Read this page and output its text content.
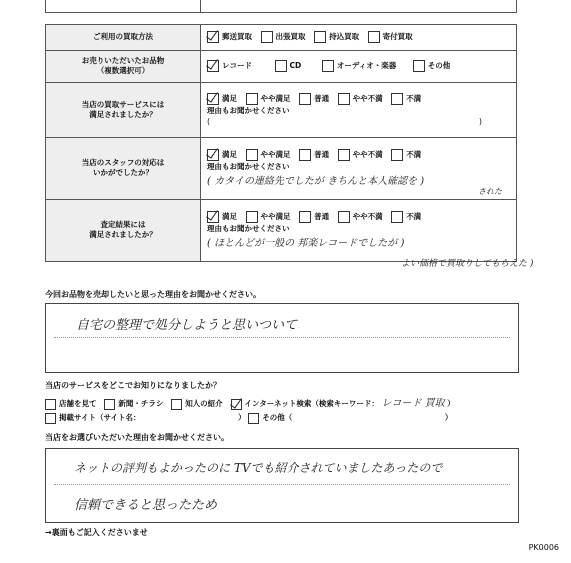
ご利用の買取方法	郵送買取 出張買取 持込買取 寄付買取
お売りいただいたお品物
（複数選択可）	レコード CD オーディオ・楽器 その他
当店の買取サービスには
満足されましたか？	満足 やや満足 普通 やや不満 不満
理由もお聞かせください
( )

当店のスタッフの対応は
いかがでしたか？	満足 やや満足 普通 やや不満 不満
理由もお聞かせください
( カタイの連絡先でしたが きちんと本人確認を )
された

査定結果には
満足されましたか？	満足 やや満足 普通 やや不満 不満
理由もお聞かせください
( ほとんどが一般の 邦楽レコードでしたが )
よい価格で買取りしてもらえた )
今回お品物を売却したいと思った理由をお聞かせください。
自宅の整理で処分しようと思いついて
当店のサービスをどこでお知りになりましたか？
店舗を見て	新聞・チラシ	知人の紹介	インターネット検索（検索キーワード： レコード 買取 ）
掲載サイト（サイト名：	） その他（	）
当店をお選びいただいた理由をお聞かせください。
ネットの評判もよかったのに TVでも紹介されていましたあったので
信頼できると思ったため
→裏面もご記入くださいませ
PK0006
